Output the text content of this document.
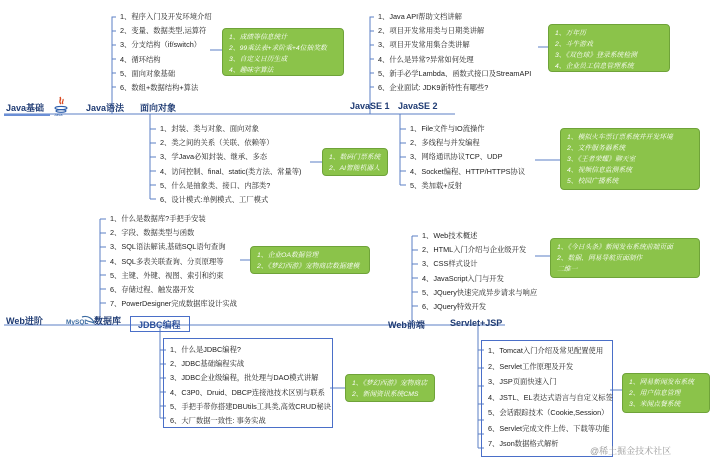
Java
MySQL
Java基础	Java语法 面向对象	JavaSE 1 JavaSE 2
Web进阶	数据库 JDBC编程	Web前端	Servlet+JSP
1、程序入门及开发环境介绍
2、变量、数据类型,运算符
3、分支结构（if/switch）
4、循环结构
5、面向对象基础
6、数组+数据结构+算法
1、Java API帮助文档讲解
2、项目开发常用类与日期类讲解
3、项目开发常用集合类讲解
4、什么是异常?异常如何处理
5、新手必学Lambda、函数式接口及StreamAPI
6、企业面试: JDK9新特性有哪些?
1、封装、类与对象、面向对象
2、类之间的关系（关联、依赖等）
3、学Java必知封装、继承、多态
4、访问控制、final、static(类方法、常量等)
5、什么是抽象类、接口、内部类?
6、设计模式:单例模式、工厂模式
1、File文件与IO流操作
2、多线程与并发编程
3、网络通讯协议TCP、UDP
4、Socket编程、HTTP/HTTPS协议
5、类加载+反射
1、什么是数据库?手把手安装
2、字段、数据类型与函数
3、SQL语法解读,基础SQL语句查询
4、SQL多表关联查询、分页原理等
5、主键、外键、视图、索引和约束
6、存储过程、触发器开发
7、PowerDesigner完成数据库设计实战
1、Web技术概述
2、HTML入门介绍与企业级开发
3、CSS样式设计
4、JavaScript入门与开发
5、JQuery快速完成异步请求与响应
6、JQuery特效开发
1、什么是JDBC编程?
2、JDBC基础编程实战
3、JDBC企业级编程，批处理与DAO模式讲解
4、C3P0、Druid、DBCP连接池技术区别与联系
5、手把手带你搭建DBUtils工具类,高效CRUD秘诀
6、大厂数据一致性: 事务实战
1、Tomcat入门介绍及常见配置使用
2、Servlet工作原理及开发
3、JSP页面快速入门
4、JSTL、EL表达式语言与自定义标签
5、会话跟踪技术（Cookie,Session）
6、Servlet完成文件上传、下载等功能
7、Json数据格式解析
1、成绩等信息统计
2、99乘法表+求阶乘+4位抽奖数
3、自定义日历生成
4、趣味字算法
1、万年历
2、斗牛游戏
3、《双色球》登录系统检测
4、企业员工信息管理系统
1、数码门票系统
2、AI智能机器人
1、模拟火车票订票系统并开发环境
2、文件服务器系统
3、《王者荣耀》聊天室
4、视频信息监测系统
5、校园广播系统
1、企业OA数据管理
2、《梦幻西游》宠物商店数据建模
1、《今日头条》新闻发布系统前端页面
2、数据、网易导航页面制作
二维一
1、《梦幻西游》宠物商店
2、新闻资讯系统CMS
1、网易新闻发布系统
2、用户信息管理
3、米闻点餐系统
@稀土掘金技术社区
